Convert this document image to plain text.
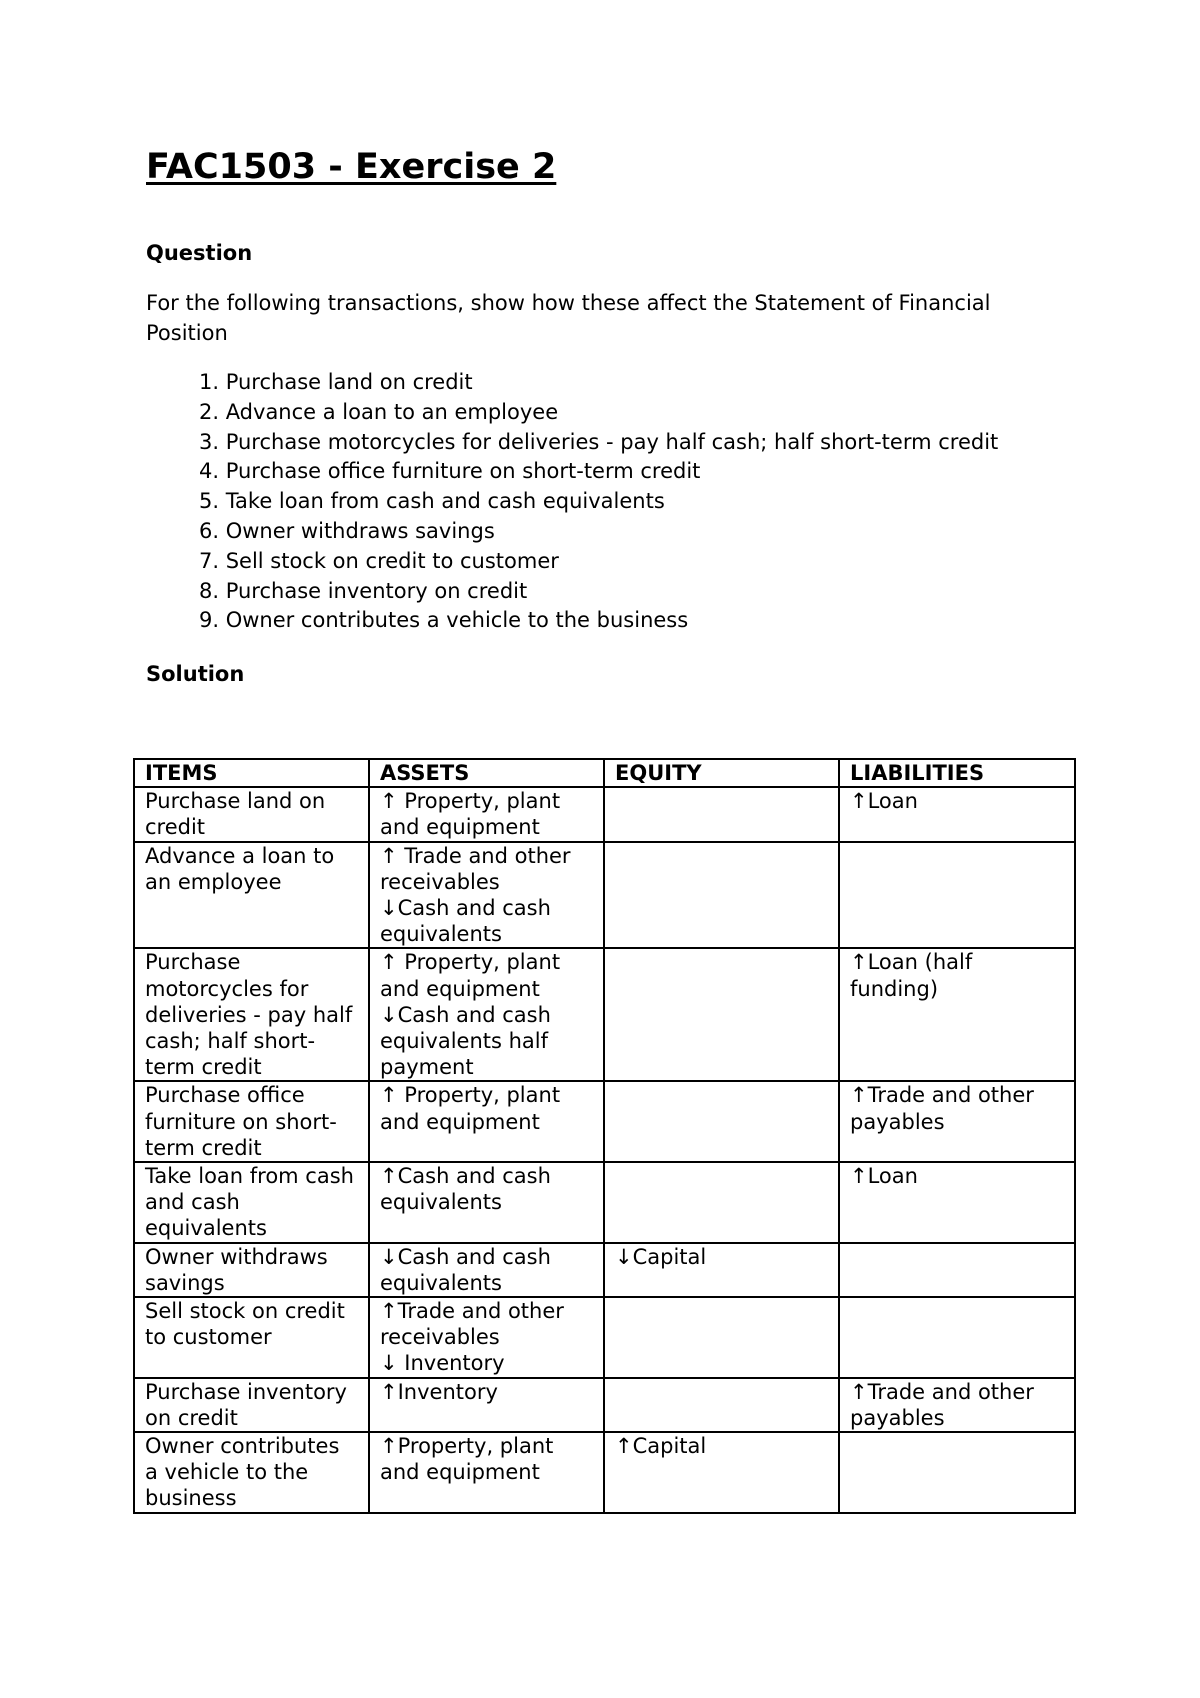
FAC1503 - Exercise 2
Question

For the following transactions, show how these affect the Statement of Financial Position

1. Purchase land on credit
2. Advance a loan to an employee
3. Purchase motorcycles for deliveries - pay half cash; half short-term credit
4. Purchase office furniture on short-term credit
5. Take loan from cash and cash equivalents
6. Owner withdraws savings
7. Sell stock on credit to customer
8. Purchase inventory on credit
9. Owner contributes a vehicle to the business
Solution
ITEMS	ASSETS	EQUITY	LIABILITIES
Purchase land on credit	↑ Property, plant and equipment		↑Loan

Advance a loan to an employee	↑ Trade and other receivables
↓Cash and cash equivalents		

Purchase motorcycles for deliveries - pay half cash; half short-term credit	↑ Property, plant and equipment
↓Cash and cash equivalents half payment		↑Loan (half funding)

Purchase office furniture on short-term credit	↑ Property, plant and equipment		↑Trade and other payables

Take loan from cash and cash equivalents	↑Cash and cash equivalents		↑Loan

Owner withdraws savings	↓Cash and cash equivalents	↓Capital	

Sell stock on credit to customer	↑Trade and other receivables
↓ Inventory		

Purchase inventory on credit	↑Inventory		↑Trade and other payables

Owner contributes a vehicle to the business	↑Property, plant and equipment	↑Capital	
